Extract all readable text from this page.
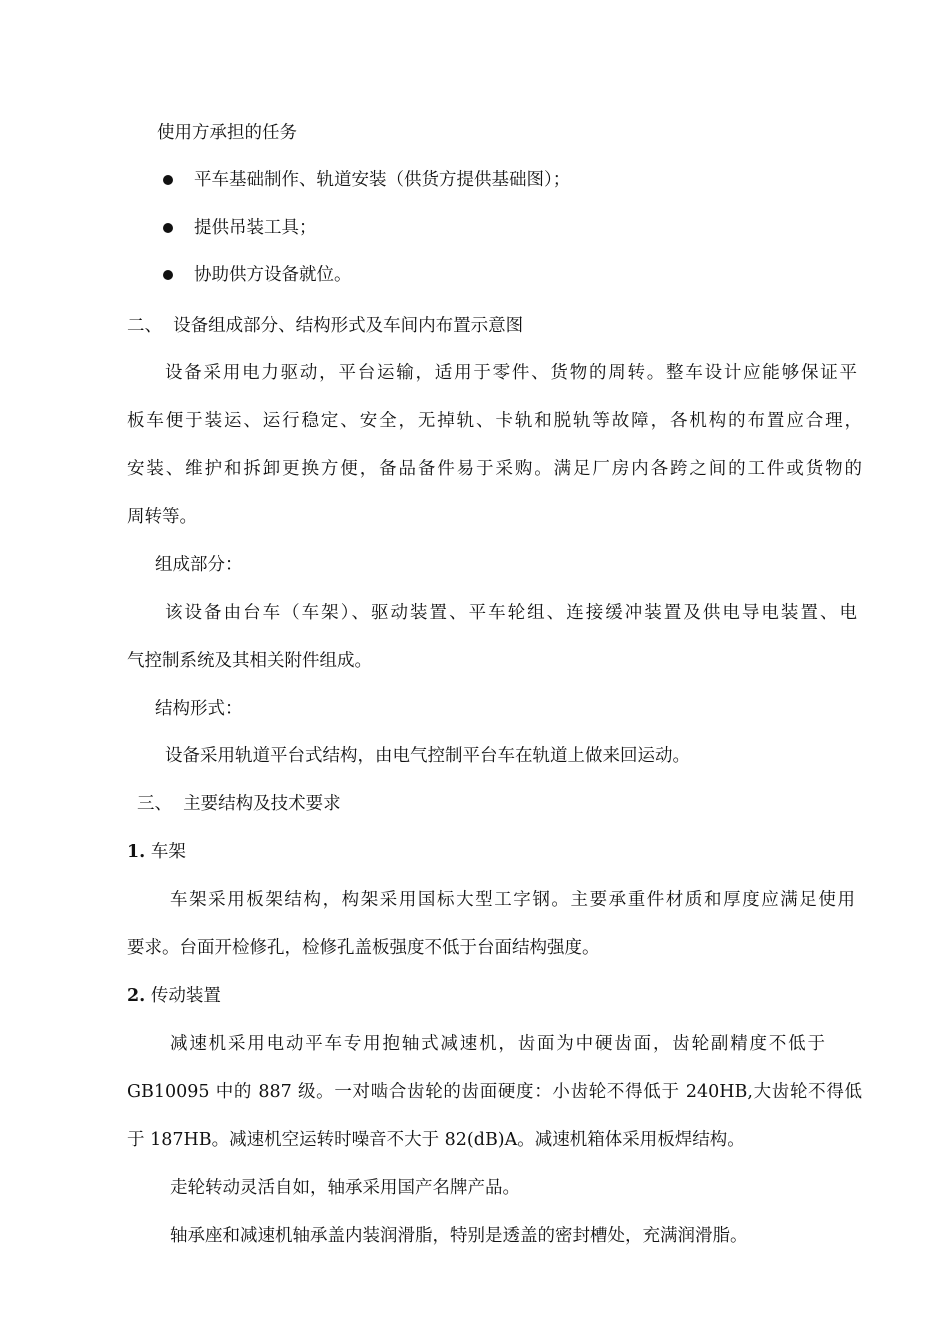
使用方承担的任务
平车基础制作、轨道安装（供货方提供基础图）；
提供吊装工具；
协助供方设备就位。
二、  设备组成部分、结构形式及车间内布置示意图
设备采用电力驱动，平台运输，适用于零件、货物的周转。整车设计应能够保证平
板车便于装运、运行稳定、安全，无掉轨、卡轨和脱轨等故障，各机构的布置应合理，
安装、维护和拆卸更换方便，备品备件易于采购。满足厂房内各跨之间的工件或货物的
周转等。
组成部分：
该设备由台车（车架）、驱动装置、平车轮组、连接缓冲装置及供电导电装置、电
气控制系统及其相关附件组成。
结构形式：
设备采用轨道平台式结构，由电气控制平台车在轨道上做来回运动。
三、  主要结构及技术要求
1. 车架
车架采用板架结构，构架采用国标大型工字钢。主要承重件材质和厚度应满足使用
要求。台面开检修孔，检修孔盖板强度不低于台面结构强度。
2. 传动装置
减速机采用电动平车专用抱轴式减速机，齿面为中硬齿面，齿轮副精度不低于
GB10095 中的 887 级。一对啮合齿轮的齿面硬度：小齿轮不得低于 240HB,大齿轮不得低
于 187HB。减速机空运转时噪音不大于 82(dB)A。减速机箱体采用板焊结构。
走轮转动灵活自如，轴承采用国产名牌产品。
轴承座和减速机轴承盖内装润滑脂，特别是透盖的密封槽处，充满润滑脂。
